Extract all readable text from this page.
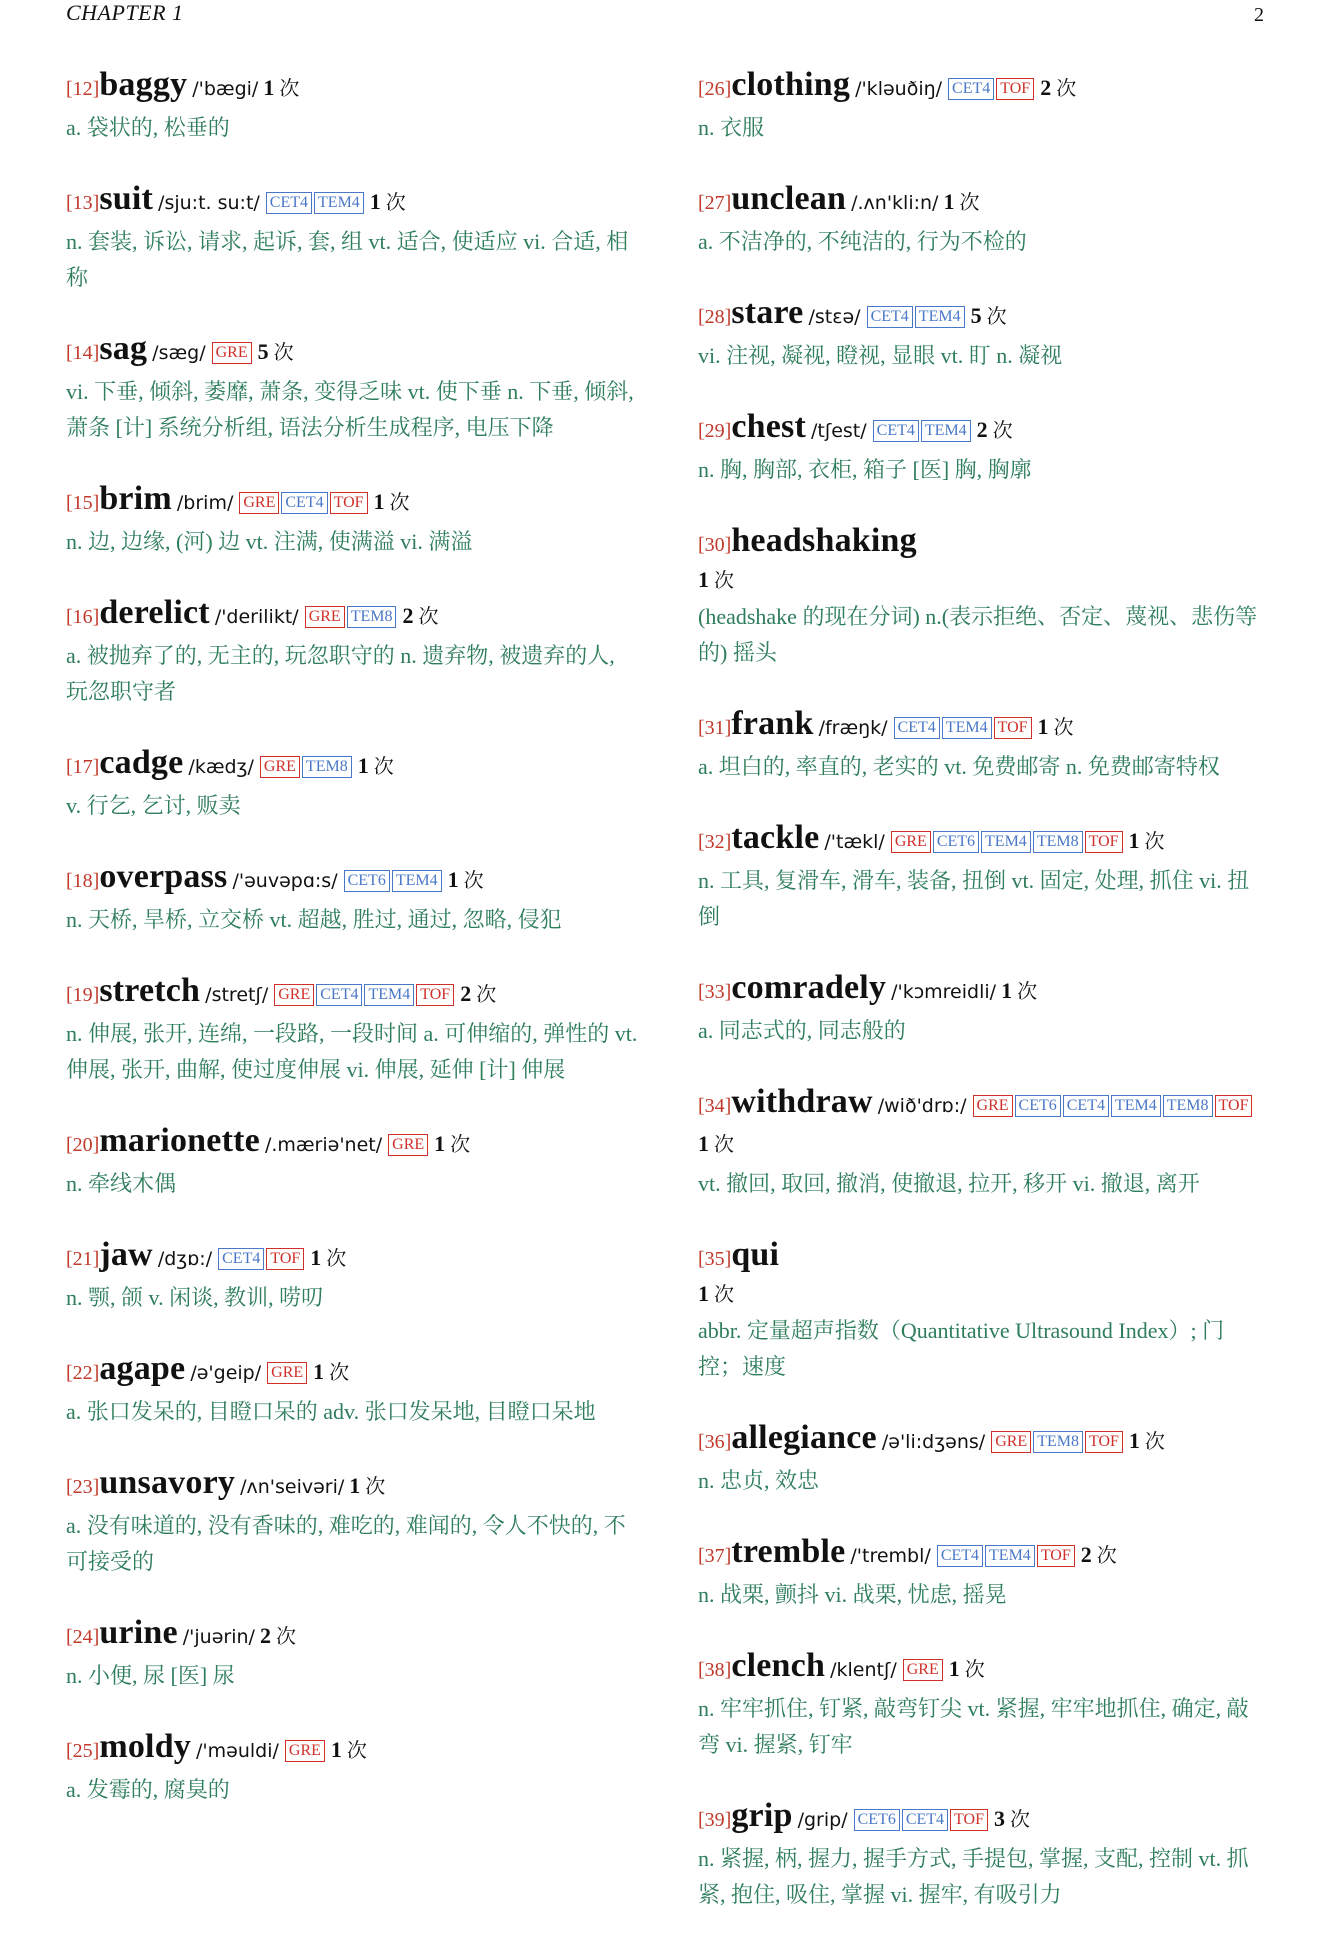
CHAPTER 1	2
[12]baggy /'bægi/ 1 次
a. 袋状的, 松垂的
[13]suit /sju:t. su:t/ CET4 TEM4 1 次
n. 套装, 诉讼, 请求, 起诉, 套, 组 vt. 适合, 使适应 vi. 合适, 相称
[14]sag /sæg/ GRE 5 次
vi. 下垂, 倾斜, 萎靡, 萧条, 变得乏味 vt. 使下垂 n. 下垂, 倾斜, 萧条 [计] 系统分析组, 语法分析生成程序, 电压下降
[15]brim /brim/ GRE CET4 TOF 1 次
n. 边, 边缘, (河) 边 vt. 注满, 使满溢 vi. 满溢
[16]derelict /'derilikt/ GRE TEM8 2 次
a. 被抛弃了的, 无主的, 玩忽职守的 n. 遗弃物, 被遗弃的人, 玩忽职守者
[17]cadge /kædʒ/ GRE TEM8 1 次
v. 行乞, 乞讨, 贩卖
[18]overpass /'əuvəpɑ:s/ CET6 TEM4 1 次
n. 天桥, 旱桥, 立交桥 vt. 超越, 胜过, 通过, 忽略, 侵犯
[19]stretch /stretʃ/ GRE CET4 TEM4 TOF 2 次
n. 伸展, 张开, 连绵, 一段路, 一段时间 a. 可伸缩的, 弹性的 vt. 伸展, 张开, 曲解, 使过度伸展 vi. 伸展, 延伸 [计] 伸展
[20]marionette /.mæriə'net/ GRE 1 次
n. 牵线木偶
[21]jaw /dʒɒ:/ CET4 TOF 1 次
n. 颚, 颌 v. 闲谈, 教训, 唠叨
[22]agape /ə'geip/ GRE 1 次
a. 张口发呆的, 目瞪口呆的 adv. 张口发呆地, 目瞪口呆地
[23]unsavory /ʌn'seivəri/ 1 次
a. 没有味道的, 没有香味的, 难吃的, 难闻的, 令人不快的, 不可接受的
[24]urine /'juərin/ 2 次
n. 小便, 尿 [医] 尿
[25]moldy /'məuldi/ GRE 1 次
a. 发霉的, 腐臭的
[26]clothing /'kləuðiŋ/ CET4 TOF 2 次
n. 衣服
[27]unclean /.ʌn'kli:n/ 1 次
a. 不洁净的, 不纯洁的, 行为不检的
[28]stare /stɛə/ CET4 TEM4 5 次
vi. 注视, 凝视, 瞪视, 显眼 vt. 盯 n. 凝视
[29]chest /tʃest/ CET4 TEM4 2 次
n. 胸, 胸部, 衣柜, 箱子 [医] 胸, 胸廓
[30]headshaking
1 次
(headshake 的现在分词) n.(表示拒绝、否定、蔑视、悲伤等的) 摇头
[31]frank /fræŋk/ CET4 TEM4 TOF 1 次
a. 坦白的, 率直的, 老实的 vt. 免费邮寄 n. 免费邮寄特权
[32]tackle /'tækl/ GRE CET6 TEM4 TEM8 TOF 1 次
n. 工具, 复滑车, 滑车, 装备, 扭倒 vt. 固定, 处理, 抓住 vi. 扭倒
[33]comradely /'kɔmreidli/ 1 次
a. 同志式的, 同志般的
[34]withdraw /wið'drɒ:/ GRE CET6 CET4 TEM4 TEM8 TOF 1 次
vt. 撤回, 取回, 撤消, 使撤退, 拉开, 移开 vi. 撤退, 离开
[35]qui
1 次
abbr. 定量超声指数（Quantitative Ultrasound Index）; 门控；速度
[36]allegiance /ə'li:dʒəns/ GRE TEM8 TOF 1 次
n. 忠贞, 效忠
[37]tremble /'trembl/ CET4 TEM4 TOF 2 次
n. 战栗, 颤抖 vi. 战栗, 忧虑, 摇晃
[38]clench /klentʃ/ GRE 1 次
n. 牢牢抓住, 钉紧, 敲弯钉尖 vt. 紧握, 牢牢地抓住, 确定, 敲弯 vi. 握紧, 钉牢
[39]grip /grip/ CET6 CET4 TOF 3 次
n. 紧握, 柄, 握力, 握手方式, 手提包, 掌握, 支配, 控制 vt. 抓紧, 抱住, 吸住, 掌握 vi. 握牢, 有吸引力
